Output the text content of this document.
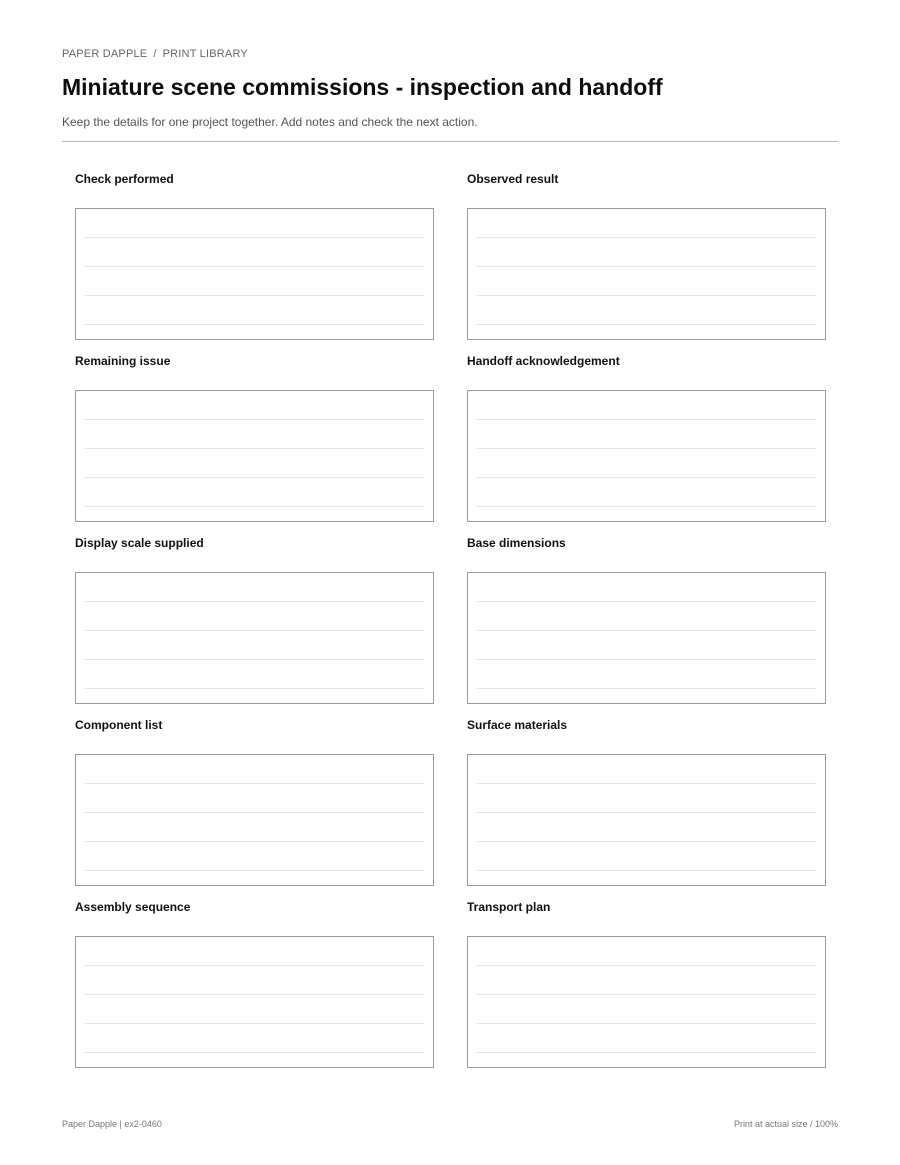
PAPER DAPPLE / PRINT LIBRARY
Miniature scene commissions - inspection and handoff
Keep the details for one project together. Add notes and check the next action.
Check performed	Observed result
Remaining issue	Handoff acknowledgement
Display scale supplied	Base dimensions
Component list	Surface materials
Assembly sequence	Transport plan
Paper Dapple | ex2-0460	Print at actual size / 100%
